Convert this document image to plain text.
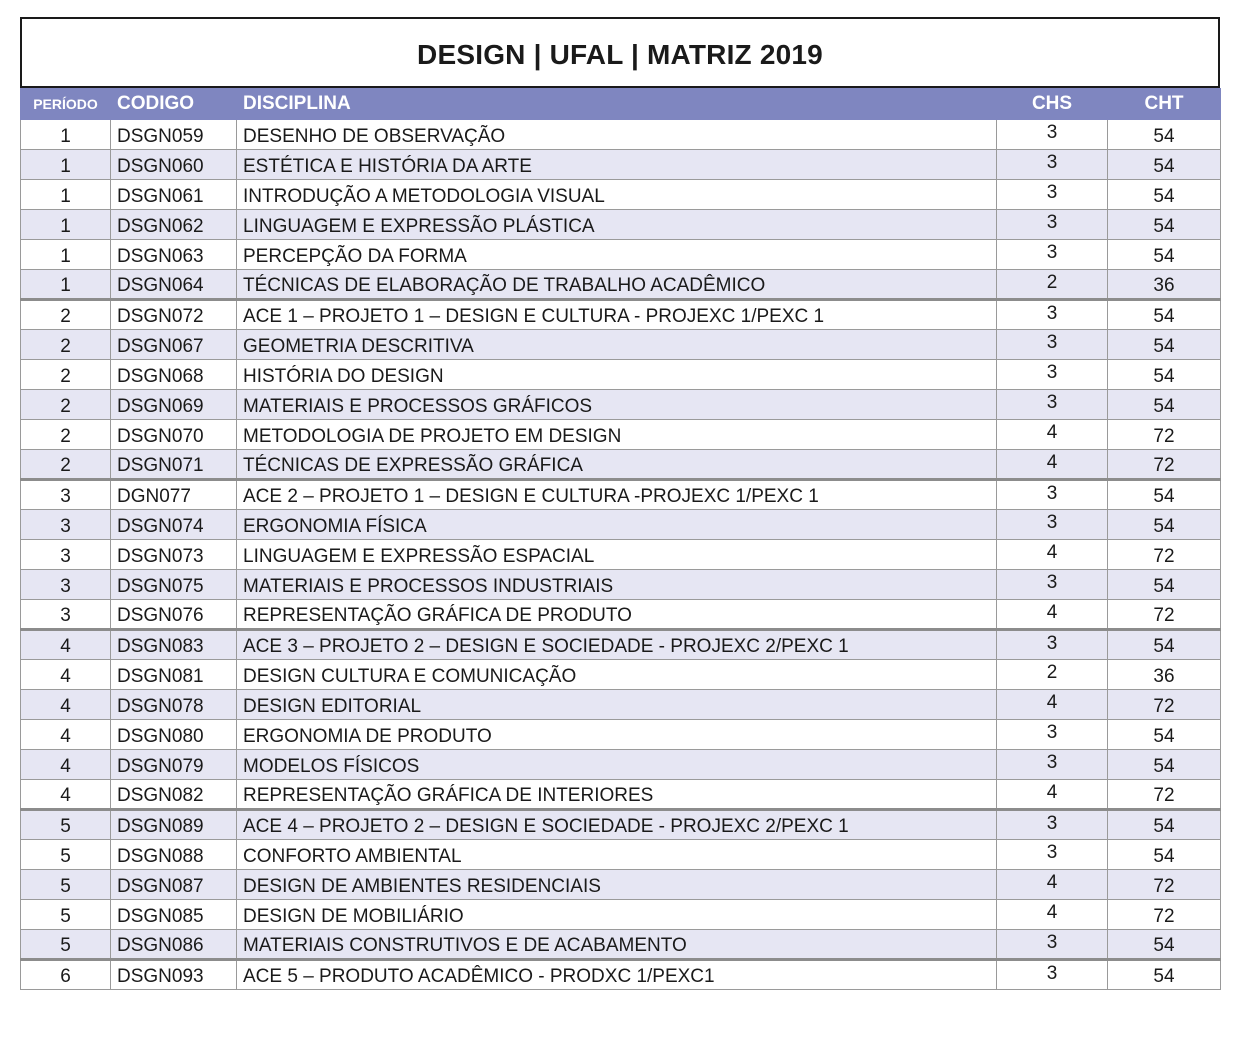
DESIGN | UFAL | MATRIZ 2019
PERÍODO	CODIGO	DISCIPLINA	CHS	CHT
1	DSGN059	DESENHO DE OBSERVAÇÃO	3	54
1	DSGN060	ESTÉTICA E HISTÓRIA DA ARTE	3	54
1	DSGN061	INTRODUÇÃO A METODOLOGIA VISUAL	3	54
1	DSGN062	LINGUAGEM E EXPRESSÃO PLÁSTICA	3	54
1	DSGN063	PERCEPÇÃO DA FORMA	3	54
1	DSGN064	TÉCNICAS DE ELABORAÇÃO DE TRABALHO ACADÊMICO	2	36
2	DSGN072	ACE 1 – PROJETO 1 – DESIGN E CULTURA - PROJEXC 1/PEXC 1	3	54
2	DSGN067	GEOMETRIA DESCRITIVA	3	54
2	DSGN068	HISTÓRIA DO DESIGN	3	54
2	DSGN069	MATERIAIS E PROCESSOS GRÁFICOS	3	54
2	DSGN070	METODOLOGIA DE PROJETO EM DESIGN	4	72
2	DSGN071	TÉCNICAS DE EXPRESSÃO GRÁFICA	4	72
3	DGN077	ACE 2 – PROJETO 1 – DESIGN E CULTURA -PROJEXC 1/PEXC 1	3	54
3	DSGN074	ERGONOMIA FÍSICA	3	54
3	DSGN073	LINGUAGEM E EXPRESSÃO ESPACIAL	4	72
3	DSGN075	MATERIAIS E PROCESSOS INDUSTRIAIS	3	54
3	DSGN076	REPRESENTAÇÃO GRÁFICA DE PRODUTO	4	72
4	DSGN083	ACE 3 – PROJETO 2 – DESIGN E SOCIEDADE - PROJEXC 2/PEXC 1	3	54
4	DSGN081	DESIGN CULTURA E COMUNICAÇÃO	2	36
4	DSGN078	DESIGN EDITORIAL	4	72
4	DSGN080	ERGONOMIA DE PRODUTO	3	54
4	DSGN079	MODELOS FÍSICOS	3	54
4	DSGN082	REPRESENTAÇÃO GRÁFICA DE INTERIORES	4	72
5	DSGN089	ACE 4 – PROJETO 2 – DESIGN E SOCIEDADE - PROJEXC 2/PEXC 1	3	54
5	DSGN088	CONFORTO AMBIENTAL	3	54
5	DSGN087	DESIGN DE AMBIENTES RESIDENCIAIS	4	72
5	DSGN085	DESIGN DE MOBILIÁRIO	4	72
5	DSGN086	MATERIAIS CONSTRUTIVOS E DE ACABAMENTO	3	54
6	DSGN093	ACE 5 – PRODUTO ACADÊMICO - PRODXC 1/PEXC1	3	54
